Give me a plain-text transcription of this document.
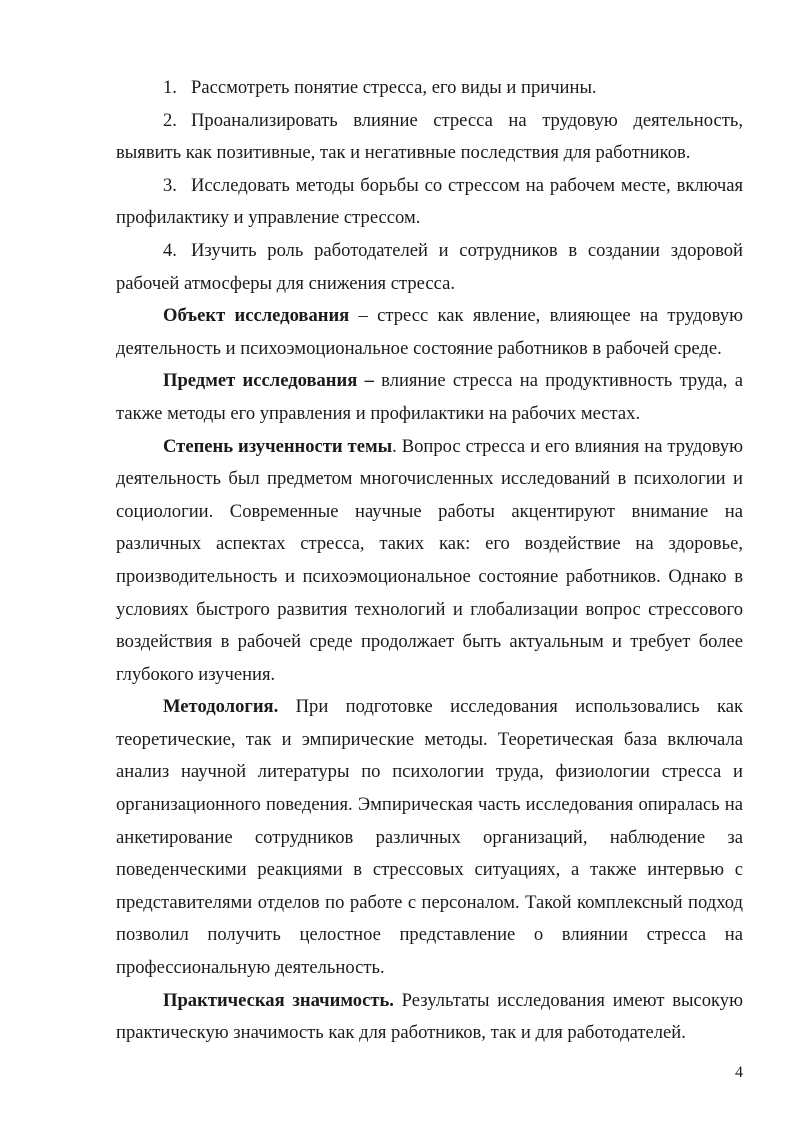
1. Рассмотреть понятие стресса, его виды и причины.

2. Проанализировать влияние стресса на трудовую деятельность, выявить как позитивные, так и негативные последствия для работников.

3. Исследовать методы борьбы со стрессом на рабочем месте, включая профилактику и управление стрессом.

4. Изучить роль работодателей и сотрудников в создании здоровой рабочей атмосферы для снижения стресса.

Объект исследования – стресс как явление, влияющее на трудовую деятельность и психоэмоциональное состояние работников в рабочей среде.

Предмет исследования – влияние стресса на продуктивность труда, а также методы его управления и профилактики на рабочих местах.

Степень изученности темы. Вопрос стресса и его влияния на трудовую деятельность был предметом многочисленных исследований в психологии и социологии. Современные научные работы акцентируют внимание на различных аспектах стресса, таких как: его воздействие на здоровье, производительность и психоэмоциональное состояние работников. Однако в условиях быстрого развития технологий и глобализации вопрос стрессового воздействия в рабочей среде продолжает быть актуальным и требует более глубокого изучения.

Методология. При подготовке исследования использовались как теоретические, так и эмпирические методы. Теоретическая база включала анализ научной литературы по психологии труда, физиологии стресса и организационного поведения. Эмпирическая часть исследования опиралась на анкетирование сотрудников различных организаций, наблюдение за поведенческими реакциями в стрессовых ситуациях, а также интервью с представителями отделов по работе с персоналом. Такой комплексный подход позволил получить целостное представление о влиянии стресса на профессиональную деятельность.

Практическая значимость. Результаты исследования имеют высокую практическую значимость как для работников, так и для работодателей.

4
